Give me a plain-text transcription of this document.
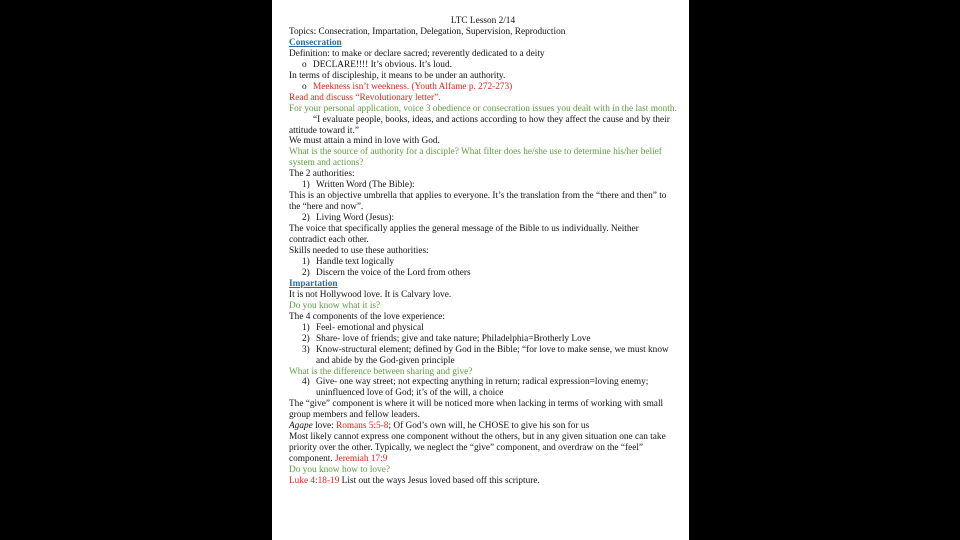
LTC Lesson 2/14
Topics: Consecration, Impartation, Delegation, Supervision, Reproduction
Consecration
Definition: to make or declare sacred; reverently dedicated to a deity
o DECLARE!!!! It’s obvious. It’s loud.
In terms of discipleship, it means to be under an authority.
o Meekness isn’t weekness. (Youth Alfame p. 272-273)
Read and discuss “Revolutionary letter”.
For your personal application, voice 3 obedience or consecration issues you dealt with in the last month.
“I evaluate people, books, ideas, and actions according to how they affect the cause and by their attitude toward it.”
We must attain a mind in love with God.
What is the source of authority for a disciple? What filter does he/she use to determine his/her belief system and actions?
The 2 authorities:
1) Written Word (The Bible):
This is an objective umbrella that applies to everyone. It’s the translation from the “there and then” to the “here and now”.
2) Living Word (Jesus):
The voice that specifically applies the general message of the Bible to us individually. Neither contradict each other.
Skills needed to use these authorities:
1) Handle text logically
2) Discern the voice of the Lord from others
Impartation
It is not Hollywood love. It is Calvary love.
Do you know what it is?
The 4 components of the love experience:
1) Feel- emotional and physical
2) Share- love of friends; give and take nature; Philadelphia=Brotherly Love
3) Know-structural element; defined by God in the Bible; “for love to make sense, we must know and abide by the God-given principle
What is the difference between sharing and give?
4) Give- one way street; not expecting anything in return; radical expression=loving enemy; uninfluenced love of God; it’s of the will, a choice
The “give” component is where it will be noticed more when lacking in terms of working with small group members and fellow leaders.
Agape love: Romans 5:5-8; Of God’s own will, he CHOSE to give his son for us
Most likely cannot express one component without the others, but in any given situation one can take priority over the other. Typically, we neglect the “give” component, and overdraw on the “feel” component. Jeremiah 17:9
Do you know how to love?
Luke 4:18-19 List out the ways Jesus loved based off this scripture.
